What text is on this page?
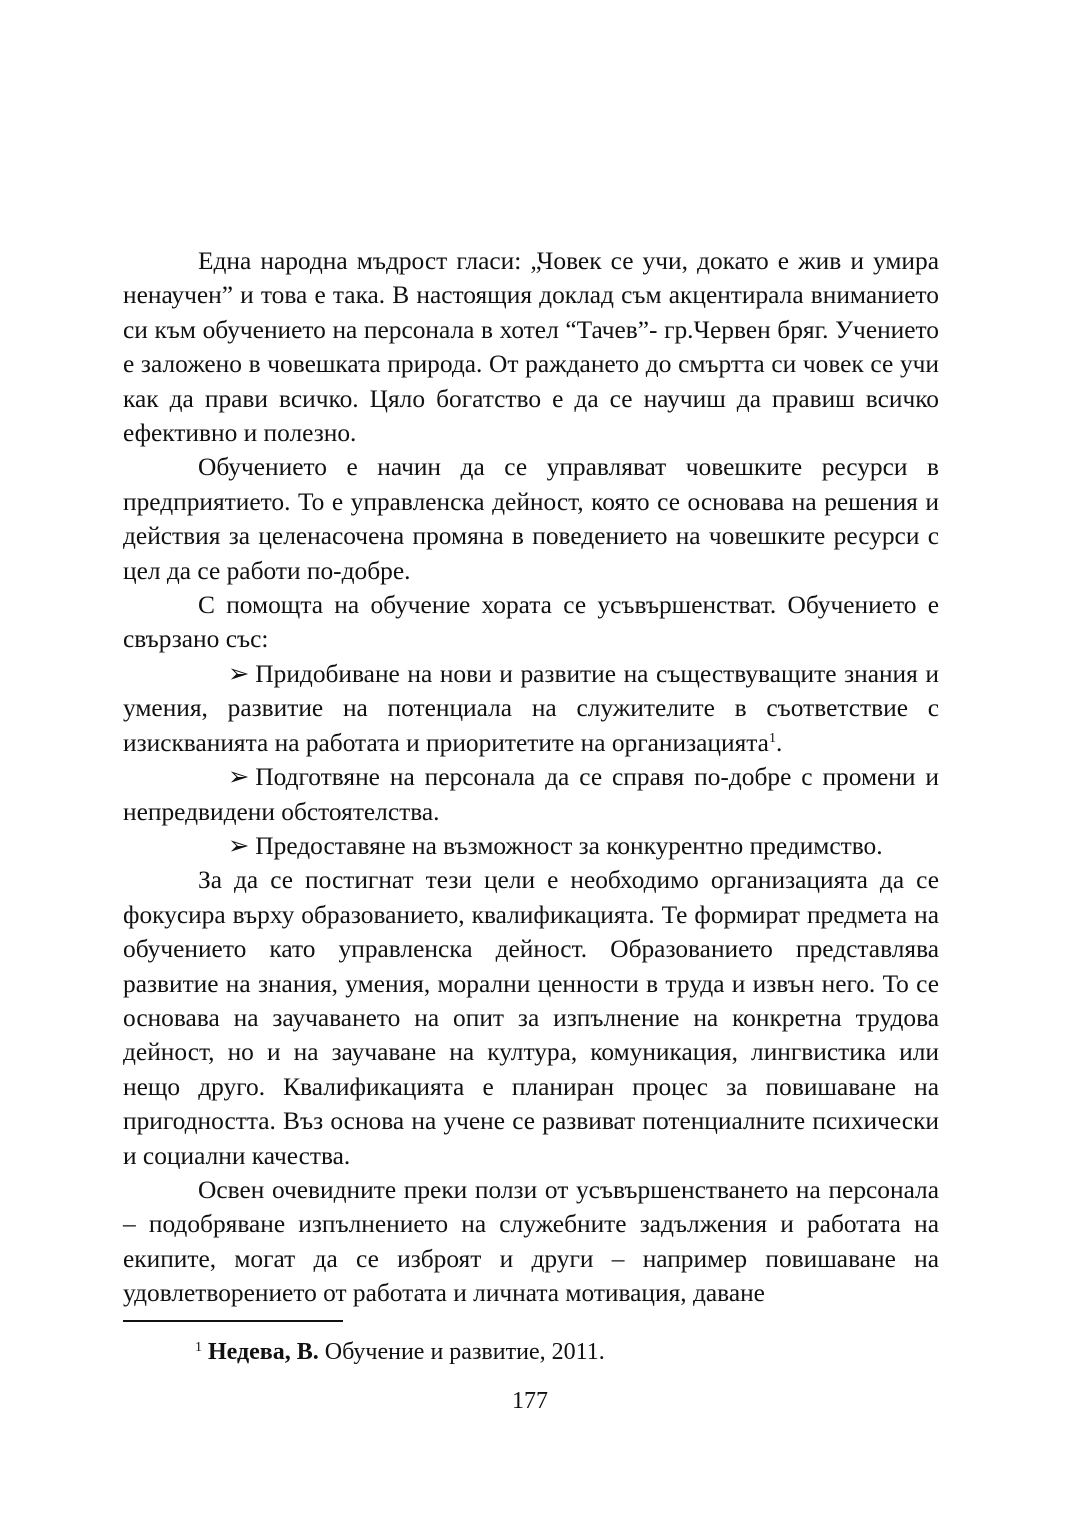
Една народна мъдрост гласи: „Човек се учи, докато е жив и умира ненаучен” и това е така. В настоящия доклад съм акцентирала вниманието си към обучението на персонала в хотел “Тачев”- гр.Червен бряг. Учението е заложено в човешката природа. От раждането до смъртта си човек се учи как да прави всичко. Цяло богатство е да се научиш да правиш всичко ефективно и полезно.

Обучението е начин да се управляват човешките ресурси в предприятието. То е управленска дейност, която се основава на решения и действия за целенасочена промяна в поведението на човешките ресурси с цел да се работи по-добре.

С помощта на обучение хората се усъвършенстват. Обучението е свързано със:

➢ Придобиване на нови и развитие на съществуващите знания и умения, развитие на потенциала на служителите в съответствие с изискванията на работата и приоритетите на организацията$^1$.

➢ Подготвяне на персонала да се справя по-добре с промени и непредвидени обстоятелства.

➢ Предоставяне на възможност за конкурентно предимство.

За да се постигнат тези цели е необходимо организацията да се фокусира върху образованието, квалификацията. Те формират предмета на обучението като управленска дейност. Образованието представлява развитие на знания, умения, морални ценности в труда и извън него. То се основава на заучаването на опит за изпълнение на конкретна трудова дейност, но и на заучаване на култура, комуникация, лингвистика или нещо друго. Квалификацията е планиран процес за повишаване на пригодността. Въз основа на учене се развиват потенциалните психически и социални качества.

Освен очевидните преки ползи от усъвършенстването на персонала – подобряване изпълнението на служебните задължения и работата на екипите, могат да се изброят и други – например повишаване на удовлетворението от работата и личната мотивация, даване

$^1$ Недева, В. Обучение и развитие, 2011.
177
